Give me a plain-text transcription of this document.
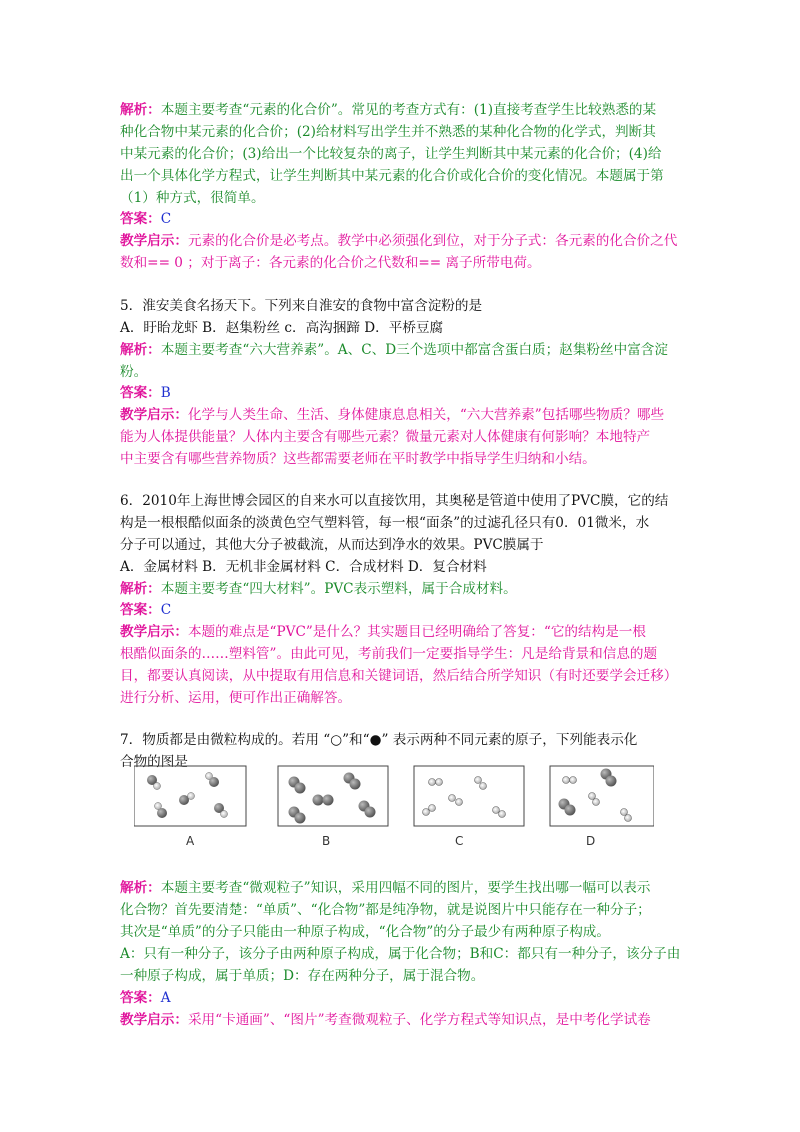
解析：本题主要考查“元素的化合价”。常见的考查方式有：(1)直接考查学生比较熟悉的某
种化合物中某元素的化合价；(2)给材料写出学生并不熟悉的某种化合物的化学式，判断其
中某元素的化合价；(3)给出一个比较复杂的离子，让学生判断其中某元素的化合价；(4)给
出一个具体化学方程式，让学生判断其中某元素的化合价或化合价的变化情况。本题属于第
（1）种方式，很简单。
答案：C
教学启示：元素的化合价是必考点。教学中必须强化到位，对于分子式：各元素的化合价之代
数和== 0 ；对于离子：各元素的化合价之代数和== 离子所带电荷。
5．淮安美食名扬天下。下列来自淮安的食物中富含淀粉的是
A．盱眙龙虾 B．赵集粉丝 c．高沟捆蹄 D．平桥豆腐
解析：本题主要考查“六大营养素”。A、C、D三个选项中都富含蛋白质；赵集粉丝中富含淀
粉。
答案：B
教学启示：化学与人类生命、生活、身体健康息息相关，“六大营养素”包括哪些物质？哪些
能为人体提供能量？人体内主要含有哪些元素？微量元素对人体健康有何影响？本地特产
中主要含有哪些营养物质？这些都需要老师在平时教学中指导学生归纳和小结。
6．2010年上海世博会园区的自来水可以直接饮用，其奥秘是管道中使用了PVC膜，它的结
构是一根根酷似面条的淡黄色空气塑料管，每一根“面条”的过滤孔径只有0．01微米，水
分子可以通过，其他大分子被截流，从而达到净水的效果。PVC膜属于
A．金属材料 B．无机非金属材料 C．合成材料 D．复合材料
解析：本题主要考查“四大材料”。PVC表示塑料，属于合成材料。
答案：C
教学启示：本题的难点是“PVC”是什么？其实题目已经明确给了答复：“它的结构是一根
根酷似面条的……塑料管”。由此可见，考前我们一定要指导学生：凡是给背景和信息的题
目，都要认真阅读，从中提取有用信息和关键词语，然后结合所学知识（有时还要学会迁移）
进行分析、运用，便可作出正确解答。
7．物质都是由微粒构成的。若用 “○”和“●” 表示两种不同元素的原子，下列能表示化
合物的图是
解析：本题主要考查“微观粒子”知识，采用四幅不同的图片，要学生找出哪一幅可以表示
化合物？首先要清楚：“单质”、“化合物”都是纯净物，就是说图片中只能存在一种分子；
其次是“单质”的分子只能由一种原子构成，“化合物”的分子最少有两种原子构成。
A：只有一种分子，该分子由两种原子构成，属于化合物；B和C：都只有一种分子，该分子由
一种原子构成，属于单质；D：存在两种分子，属于混合物。
答案：A
教学启示：采用“卡通画”、“图片”考查微观粒子、化学方程式等知识点，是中考化学试卷
A	B	C	D
